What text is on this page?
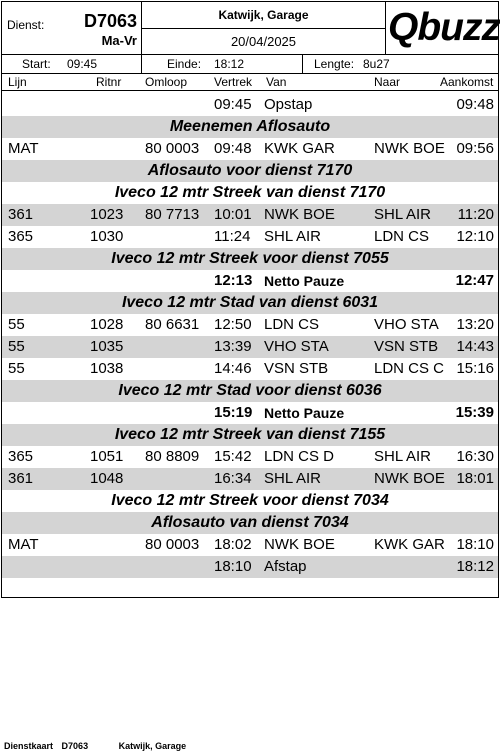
Dienst: D7063
Ma-Vr
Katwijk, Garage
20/04/2025	Qbuzz
Start: 09:45	Einde: 18:12	Lengte: 8u27
Lijn	Ritnr Omloop Vertrek Van	Naar	Aankomst
09:45 Opstap	09:48
Meenemen Aflosauto
MAT	80 0003 09:48 KWK GAR	NWK BOE 09:56
Aflosauto voor dienst 7170
Iveco 12 mtr Streek van dienst 7170
361	1023 80 7713 10:01 NWK BOE	SHL AIR 11:20
365	1030	11:24 SHL AIR	LDN CS 12:10
Iveco 12 mtr Streek voor dienst 7055
12:13 Netto Pauze	12:47
Iveco 12 mtr Stad van dienst 6031
55	1028 80 6631 12:50 LDN CS	VHO STA 13:20
55	1035	13:39 VHO STA	VSN STB 14:43
55	1038	14:46 VSN STB	LDN CS C 15:16
Iveco 12 mtr Stad voor dienst 6036
15:19 Netto Pauze	15:39
Iveco 12 mtr Streek van dienst 7155
365	1051 80 8809 15:42 LDN CS D	SHL AIR 16:30
361	1048	16:34 SHL AIR	NWK BOE 18:01
Iveco 12 mtr Streek voor dienst 7034
Aflosauto van dienst 7034
MAT	80 0003 18:02 NWK BOE	KWK GAR 18:10
18:10 Afstap	18:12
Dienstkaart D7063	Katwijk, Garage
